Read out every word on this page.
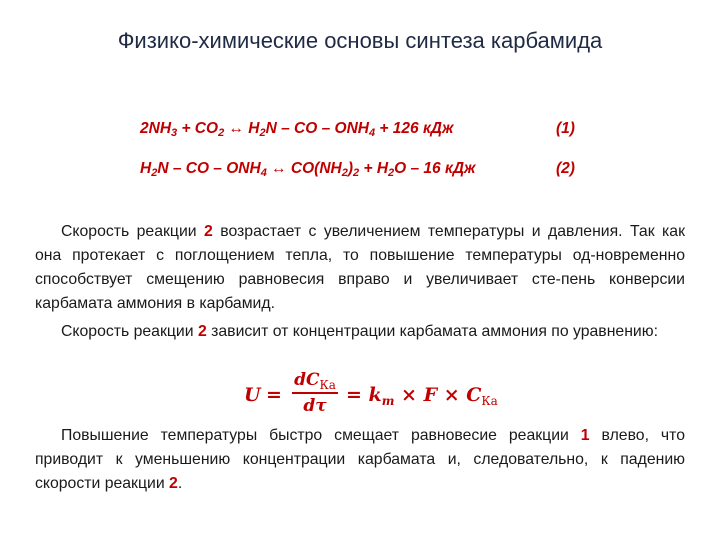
Физико-химические основы синтеза карбамида
$2NH_3 + CO_2$ ↔ $H_2N$ – CO – $ONH_4 + 126$ кДж	(1)
$H_2N$ – CO – $ONH_4$ ↔ $CO(NH_2)_2 + H_2O - 16$ кДж	(2)
Скорость реакции 2 возрастает с увеличением температуры и давления. Так как она протекает с поглощением тепла, то повышение температуры од-новременно способствует смещению равновесия вправо и увеличивает сте-пень конверсии карбамата аммония в карбамид.
Скорость реакции 2 зависит от концентрации карбамата аммония по уравнению:
U =
$dC_{Ка}$
dτ	= $k_m \times F \times C_{Ка}$
Повышение температуры быстро смещает равновесие реакции 1 влево, что приводит к уменьшению концентрации карбамата и, следовательно, к падению скорости реакции 2.
